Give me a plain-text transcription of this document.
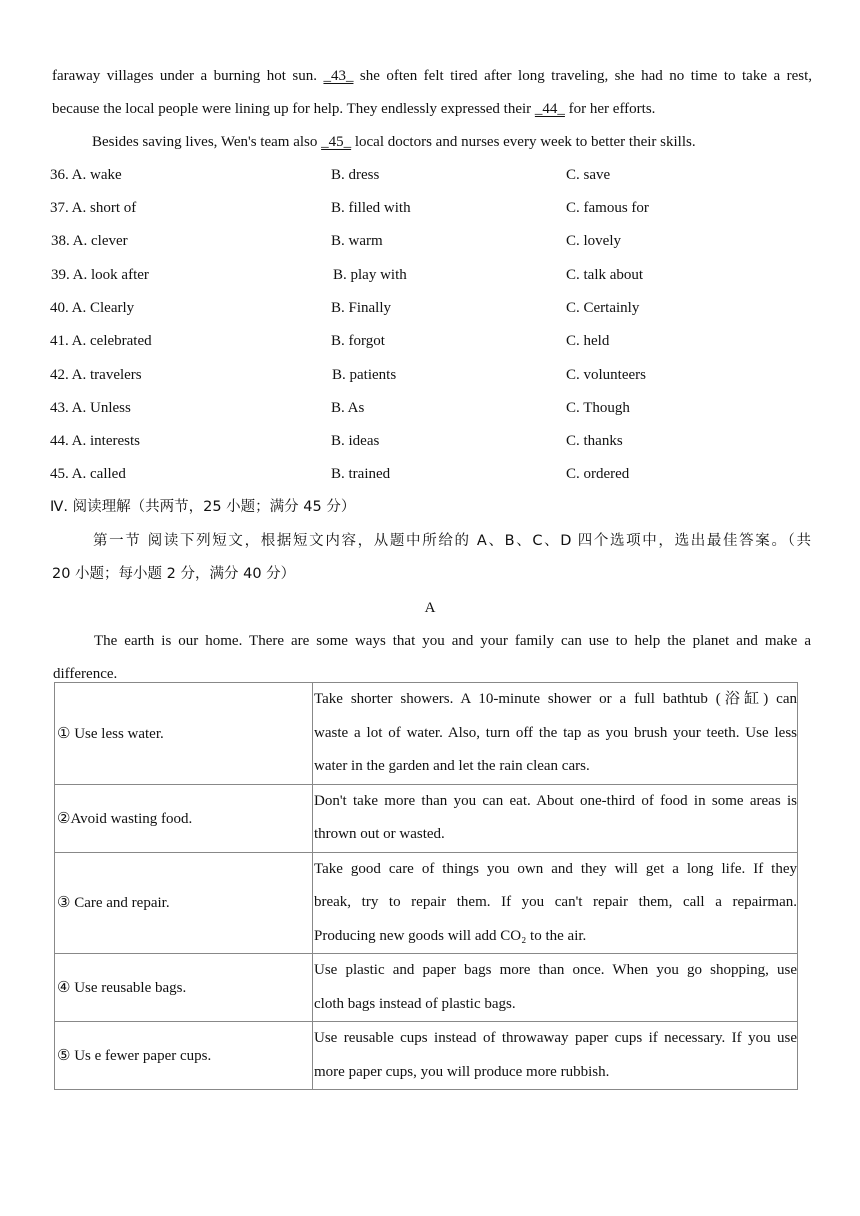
faraway villages under a burning hot sun. _43_ she often felt tired after long traveling, she had no time to take a rest,
because the local people were lining up for help. They endlessly expressed their _44_ for her efforts.
Besides saving lives, Wen's team also _45_ local doctors and nurses every week to better their skills.
36. A. wake	B. dress	C. save
37. A. short of	B. filled with	C. famous for
38. A. clever	B. warm	C. lovely
39. A. look after	B. play with	C. talk about
40. A. Clearly	B. Finally	C. Certainly
41. A. celebrated	B. forgot	C. held
42. A. travelers	B. patients	C. volunteers
43. A. Unless	B. As	C. Though
44. A. interests	B. ideas	C. thanks
45. A. called	B. trained	C. ordered
Ⅳ. 阅读理解（共两节，25 小题；满分 45 分）
第一节 阅读下列短文，根据短文内容，从题中所给的 A、B、C、D 四个选项中，选出最佳答案。（共
20 小题；每小题 2 分，满分 40 分）
A
The earth is our home. There are some ways that you and your family can use to help the planet and make a
difference.
① Use less water.	Take shorter showers. A 10-minute shower or a full bathtub (浴缸) can
waste a lot of water. Also, turn off the tap as you brush your teeth. Use less
water in the garden and let the rain clean cars.

②Avoid wasting food.	Don't take more than you can eat. About one-third of food in some areas is
thrown out or wasted.

③ Care and repair.	Take good care of things you own and they will get a long life. If they
break, try to repair them. If you can't repair them, call a repairman.
Producing new goods will add CO₂ to the air.

④ Use reusable bags.	Use plastic and paper bags more than once. When you go shopping, use
cloth bags instead of plastic bags.

⑤ Us e fewer paper cups.	Use reusable cups instead of throwaway paper cups if necessary. If you use
more paper cups, you will produce more rubbish.
